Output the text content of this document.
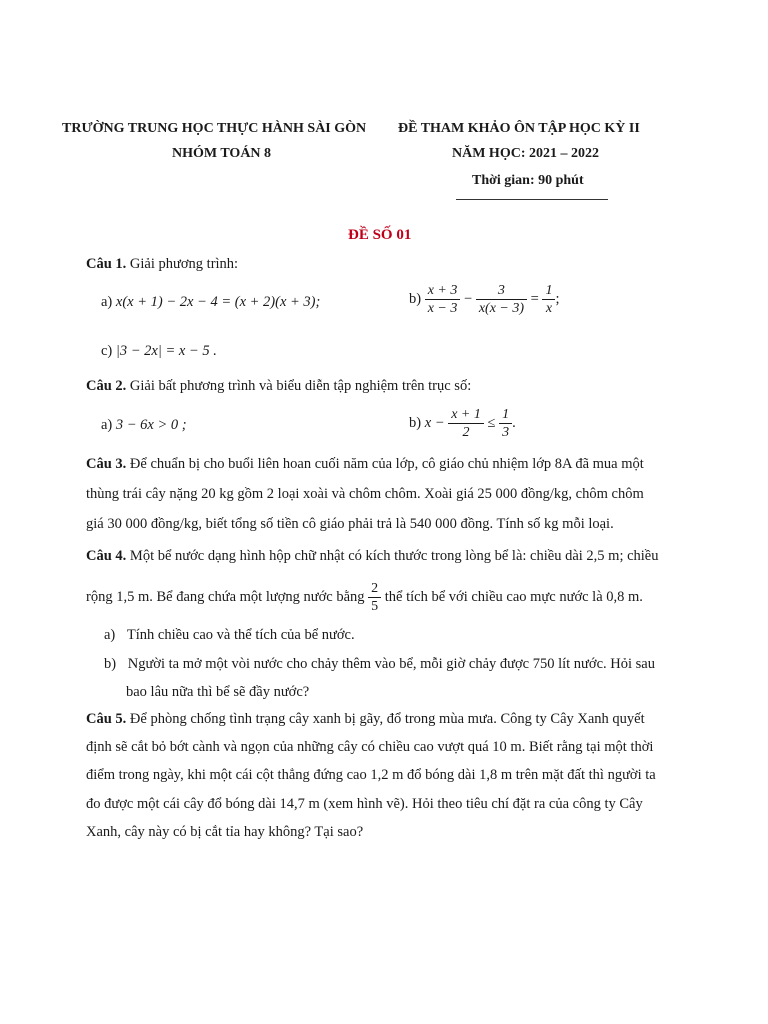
TRƯỜNG TRUNG HỌC THỰC HÀNH SÀI GÒN
NHÓM TOÁN 8
ĐỀ THAM KHẢO ÔN TẬP HỌC KỲ II
NĂM HỌC: 2021 – 2022
Thời gian: 90 phút
ĐỀ SỐ 01
Câu 1. Giải phương trình:
a) x(x + 1) − 2x − 4 = (x + 2)(x + 3);	$b) \frac{x + 3}{x - 3} - \frac{3}{x(x - 3)} = \frac{1}{x}$ ;
c) |3 − 2x| = x − 5 .
Câu 2. Giải bất phương trình và biểu diễn tập nghiệm trên trục số:
a) 3 − 6x > 0 ;	b) $x - \frac{x + 1}{2} \le \frac{1}{3}$ .
Câu 3. Để chuẩn bị cho buổi liên hoan cuối năm của lớp, cô giáo chủ nhiệm lớp 8A đã mua một
thùng trái cây nặng 20 kg gồm 2 loại xoài và chôm chôm. Xoài giá 25 000 đồng/kg, chôm chôm
giá 30 000 đồng/kg, biết tổng số tiền cô giáo phải trả là 540 000 đồng. Tính số kg mỗi loại.
Câu 4. Một bể nước dạng hình hộp chữ nhật có kích thước trong lòng bể là: chiều dài 2,5 m; chiều
rộng 1,5 m. Bể đang chứa một lượng nước bằng $\frac{2}{5}$ thể tích bể với chiều cao mực nước là 0,8 m.
a) Tính chiều cao và thể tích của bể nước.
b) Người ta mở một vòi nước cho chảy thêm vào bể, mỗi giờ chảy được 750 lít nước. Hỏi sau
bao lâu nữa thì bể sẽ đầy nước?
Câu 5. Để phòng chống tình trạng cây xanh bị gãy, đổ trong mùa mưa. Công ty Cây Xanh quyết
định sẽ cắt bỏ bớt cành và ngọn của những cây có chiều cao vượt quá 10 m. Biết rằng tại một thời
điểm trong ngày, khi một cái cột thẳng đứng cao 1,2 m đổ bóng dài 1,8 m trên mặt đất thì người ta
đo được một cái cây đổ bóng dài 14,7 m (xem hình vẽ). Hỏi theo tiêu chí đặt ra của công ty Cây
Xanh, cây này có bị cắt tỉa hay không? Tại sao?
